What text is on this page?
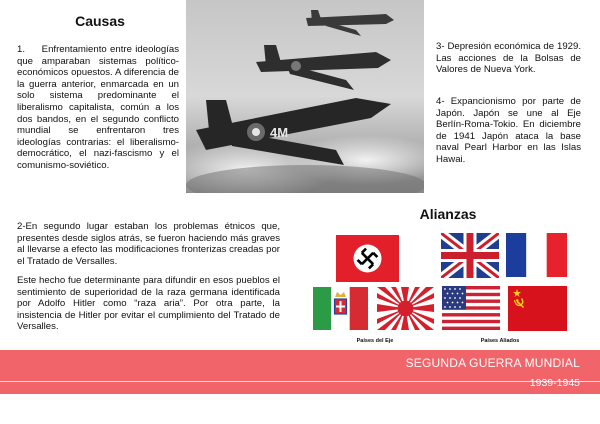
Causas

1.     Enfrentamiento entre ideologías que amparaban sistemas político-económicos opuestos. A diferencia de la guerra anterior, enmarcada en un solo sistema predominante el liberalismo capitalista, común a los dos bandos, en el segundo conflicto mundial se enfrentaron tres ideologías contrarias: el liberalismo-democrático, el nazi-fascismo y el comunismo-soviético.

4M

3- Depresión económica de 1929. Las acciones de la Bolsas de Valores de Nueva York.

4- Expancionismo por parte de Japón. Japón se une al Eje Berlín-Roma-Tokio. En diciembre de 1941 Japón ataca la base naval Pearl Harbor en las Islas Hawai.

2-En segundo lugar estaban los problemas étnicos que, presentes desde siglos atrás, se fueron haciendo más graves al llevarse a efecto las modificaciones fronterizas creadas por el Tratado de Versalles.

Este hecho fue determinante para difundir en esos pueblos el sentimiento de superioridad de la raza germana identificada por Adolfo Hitler como “raza aria”. Por otra parte, la insistencia de Hitler por evitar el cumplimiento del Tratado de Versalles.

Alianzas
Países del Eje	Países Aliados
SEGUNDA GUERRA MUNDIAL
1939-1945
